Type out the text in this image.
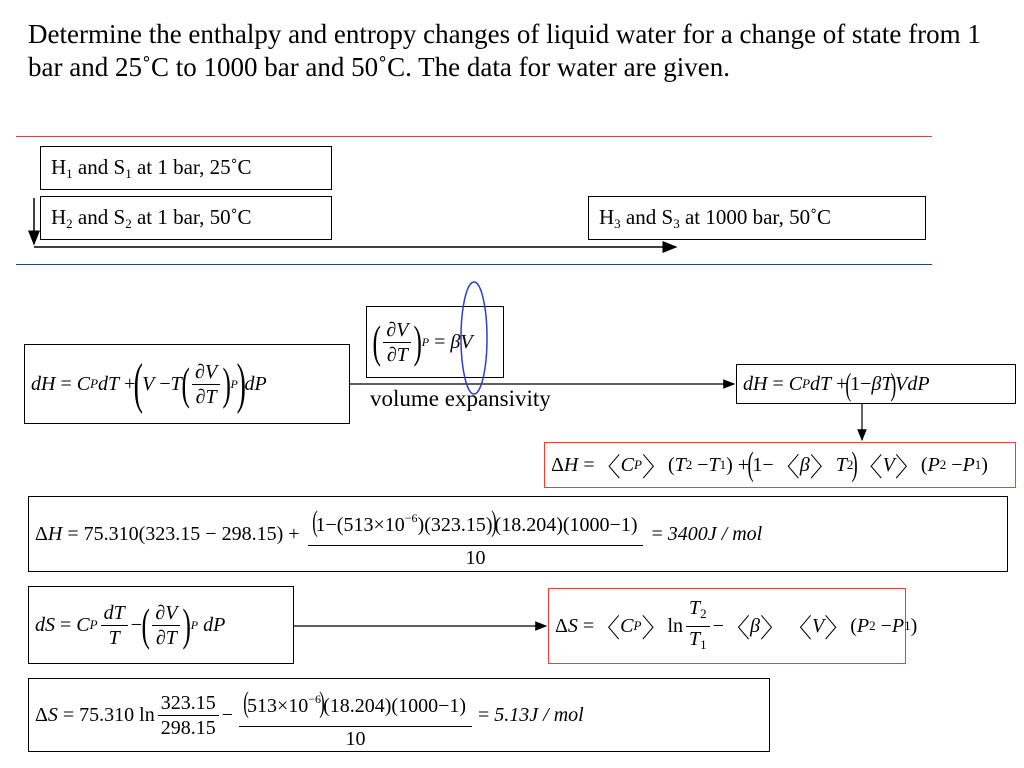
Determine the enthalpy and entropy changes of liquid water for a change of state from 1 bar and 25˚C to 1000 bar and 50˚C. The data for water are given.
H1 and S1 at 1 bar, 25˚C
H2 and S2 at 1 bar, 50˚C	H3 and S3 at 1000 bar, 50˚C
dH = C P dT +
(
V − T ( $\frac{\partial V}{\partial T}$ ) P
)
dP
( $\frac{\partial V}{\partial T}$ ) P = βV
volume expansivity
dH = C P dT +
(
1− βT
)
VdP
Δ H = 〈 C P 〉 ( T 2 − T 1 ) +
(
1− 〈 β 〉 T 2
)
〈 V 〉 ( P 2 − P 1 )
Δ H = 75.310 ( 323.15 − 298.15 ) + $\frac{(1-(513\times 10^{-6})(323.15))(18.204)(1000-1)}{10} = 3400J$ / mol
dS = C P $\frac{dT}{T}$ − ( $\frac{\partial V}{\partial T}$ ) P
dP	Δ S = 〈 C P 〉 $\ln \frac{T_2}{T_1}$ − 〈 β 〉 〈 V 〉 ( P 2 − P 1 )
Δ S = 75.310 $\ln \frac{323.15}{298.15} - \frac{(513\times 10^{-6})(18.204)(1000-1)}{10} = 5.13J$ / mol
